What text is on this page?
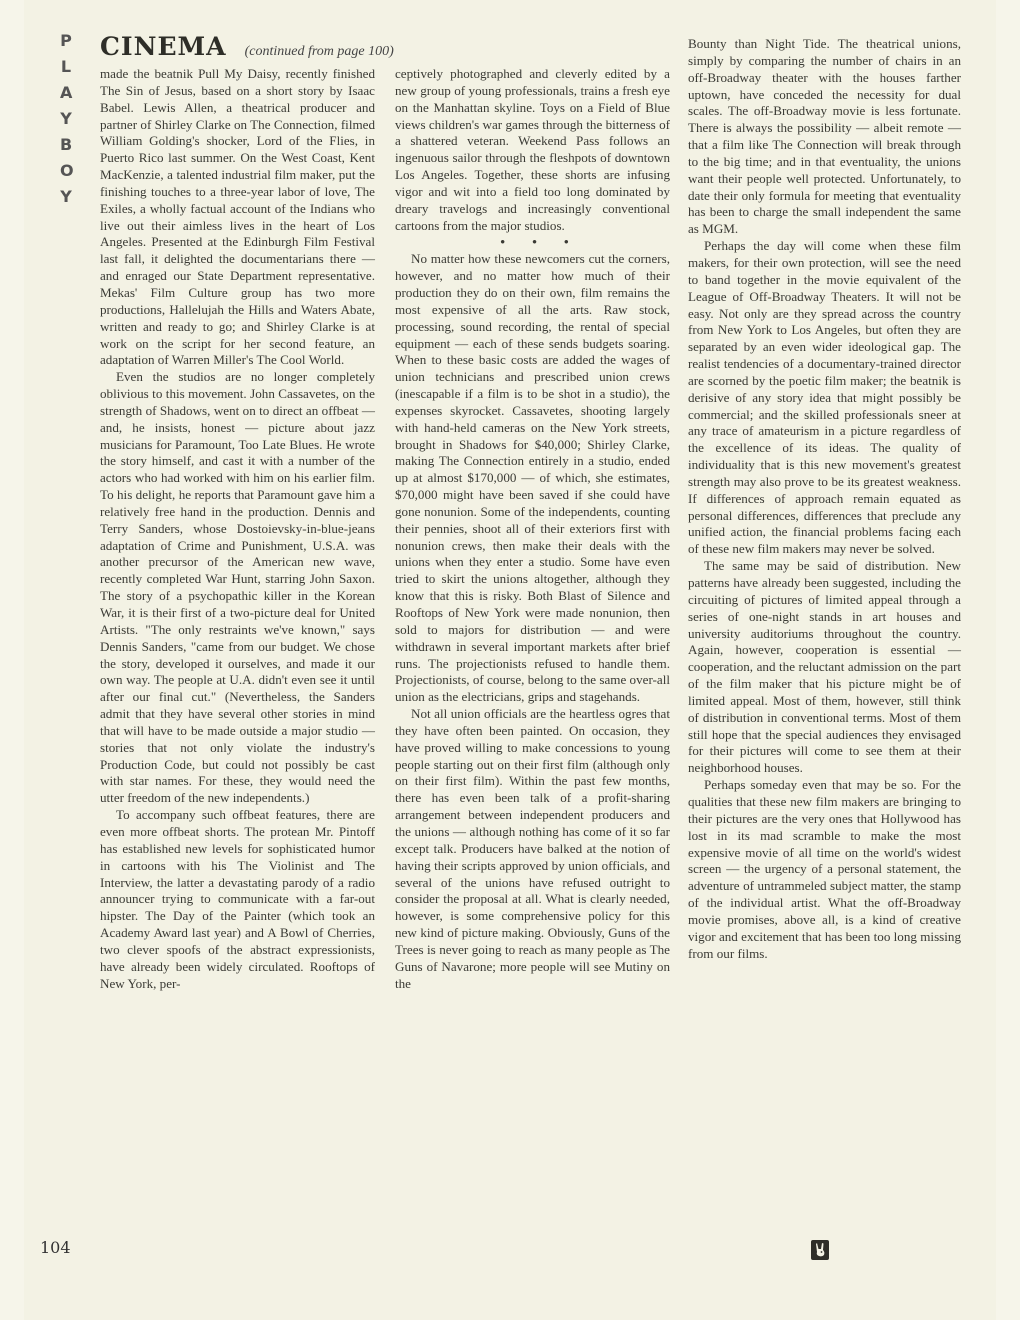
P
L
A
Y
B
O
Y
CINEMA (continued from page 100)

made the beatnik Pull My Daisy, recently finished The Sin of Jesus, based on a short story by Isaac Babel. Lewis Allen, a theatrical producer and partner of Shirley Clarke on The Connection, filmed William Golding's shocker, Lord of the Flies, in Puerto Rico last summer. On the West Coast, Kent MacKenzie, a talented industrial film maker, put the finishing touches to a three-year labor of love, The Exiles, a wholly factual account of the Indians who live out their aimless lives in the heart of Los Angeles. Presented at the Edinburgh Film Festival last fall, it delighted the documentarians there — and enraged our State Department representative. Mekas' Film Culture group has two more productions, Hallelujah the Hills and Waters Abate, written and ready to go; and Shirley Clarke is at work on the script for her second feature, an adaptation of Warren Miller's The Cool World.

Even the studios are no longer completely oblivious to this movement. John Cassavetes, on the strength of Shadows, went on to direct an offbeat — and, he insists, honest — picture about jazz musicians for Paramount, Too Late Blues. He wrote the story himself, and cast it with a number of the actors who had worked with him on his earlier film. To his delight, he reports that Paramount gave him a relatively free hand in the production. Dennis and Terry Sanders, whose Dostoievsky-in-blue-jeans adaptation of Crime and Punishment, U.S.A. was another precursor of the American new wave, recently completed War Hunt, starring John Saxon. The story of a psychopathic killer in the Korean War, it is their first of a two-picture deal for United Artists. "The only restraints we've known," says Dennis Sanders, "came from our budget. We chose the story, developed it ourselves, and made it our own way. The people at U.A. didn't even see it until after our final cut." (Nevertheless, the Sanders admit that they have several other stories in mind that will have to be made outside a major studio — stories that not only violate the industry's Production Code, but could not possibly be cast with star names. For these, they would need the utter freedom of the new independents.)

To accompany such offbeat features, there are even more offbeat shorts. The protean Mr. Pintoff has established new levels for sophisticated humor in cartoons with his The Violinist and The Interview, the latter a devastating parody of a radio announcer trying to communicate with a far-out hipster. The Day of the Painter (which took an Academy Award last year) and A Bowl of Cherries, two clever spoofs of the abstract expressionists, have already been widely circulated. Rooftops of New York, per-

ceptively photographed and cleverly edited by a new group of young professionals, trains a fresh eye on the Manhattan skyline. Toys on a Field of Blue views children's war games through the bitterness of a shattered veteran. Weekend Pass follows an ingenuous sailor through the fleshpots of downtown Los Angeles. Together, these shorts are infusing vigor and wit into a field too long dominated by dreary travelogs and increasingly conventional cartoons from the major studios.

• • •

No matter how these newcomers cut the corners, however, and no matter how much of their production they do on their own, film remains the most expensive of all the arts. Raw stock, processing, sound recording, the rental of special equipment — each of these sends budgets soaring. When to these basic costs are added the wages of union technicians and prescribed union crews (inescapable if a film is to be shot in a studio), the expenses skyrocket. Cassavetes, shooting largely with hand-held cameras on the New York streets, brought in Shadows for $40,000; Shirley Clarke, making The Connection entirely in a studio, ended up at almost $170,000 — of which, she estimates, $70,000 might have been saved if she could have gone nonunion. Some of the independents, counting their pennies, shoot all of their exteriors first with nonunion crews, then make their deals with the unions when they enter a studio. Some have even tried to skirt the unions altogether, although they know that this is risky. Both Blast of Silence and Rooftops of New York were made nonunion, then sold to majors for distribution — and were withdrawn in several important markets after brief runs. The projectionists refused to handle them. Projectionists, of course, belong to the same over-all union as the electricians, grips and stagehands.

Not all union officials are the heartless ogres that they have often been painted. On occasion, they have proved willing to make concessions to young people starting out on their first film (although only on their first film). Within the past few months, there has even been talk of a profit-sharing arrangement between independent producers and the unions — although nothing has come of it so far except talk. Producers have balked at the notion of having their scripts approved by union officials, and several of the unions have refused outright to consider the proposal at all. What is clearly needed, however, is some comprehensive policy for this new kind of picture making. Obviously, Guns of the Trees is never going to reach as many people as The Guns of Navarone; more people will see Mutiny on the

Bounty than Night Tide. The theatrical unions, simply by comparing the number of chairs in an off-Broadway theater with the houses farther uptown, have conceded the necessity for dual scales. The off-Broadway movie is less fortunate. There is always the possibility — albeit remote — that a film like The Connection will break through to the big time; and in that eventuality, the unions want their people well protected. Unfortunately, to date their only formula for meeting that eventuality has been to charge the small independent the same as MGM.

Perhaps the day will come when these film makers, for their own protection, will see the need to band together in the movie equivalent of the League of Off-Broadway Theaters. It will not be easy. Not only are they spread across the country from New York to Los Angeles, but often they are separated by an even wider ideological gap. The realist tendencies of a documentary-trained director are scorned by the poetic film maker; the beatnik is derisive of any story idea that might possibly be commercial; and the skilled professionals sneer at any trace of amateurism in a picture regardless of the excellence of its ideas. The quality of individuality that is this new movement's greatest strength may also prove to be its greatest weakness. If differences of approach remain equated as personal differences, differences that preclude any unified action, the financial problems facing each of these new film makers may never be solved.

The same may be said of distribution. New patterns have already been suggested, including the circuiting of pictures of limited appeal through a series of one-night stands in art houses and university auditoriums throughout the country. Again, however, cooperation is essential — cooperation, and the reluctant admission on the part of the film maker that his picture might be of limited appeal. Most of them, however, still think of distribution in conventional terms. Most of them still hope that the special audiences they envisaged for their pictures will come to see them at their neighborhood houses.

Perhaps someday even that may be so. For the qualities that these new film makers are bringing to their pictures are the very ones that Hollywood has lost in its mad scramble to make the most expensive movie of all time on the world's widest screen — the urgency of a personal statement, the adventure of untrammeled subject matter, the stamp of the individual artist. What the off-Broadway movie promises, above all, is a kind of creative vigor and excitement that has been too long missing from our films.

104
